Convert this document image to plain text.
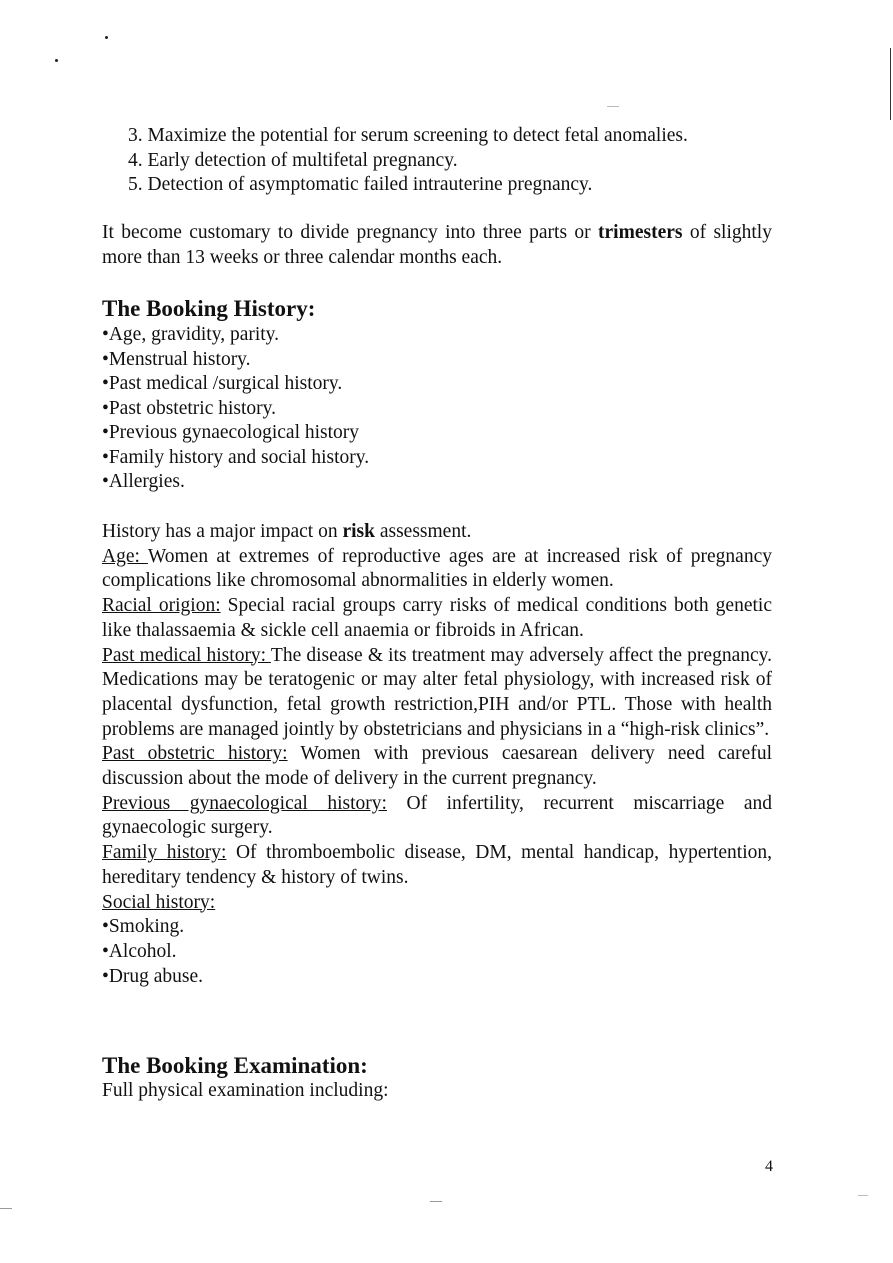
3. Maximize the potential for serum screening to detect fetal anomalies.
4. Early detection of multifetal pregnancy.
5. Detection of asymptomatic failed intrauterine pregnancy.
It become customary to divide pregnancy into three parts or trimesters of slightly more than 13 weeks or three calendar months each.
The Booking History:
•Age, gravidity, parity.
•Menstrual history.
•Past medical /surgical history.
•Past obstetric history.
•Previous gynaecological history
•Family history and social history.
•Allergies.
History has a major impact on risk assessment.
Age: Women at extremes of reproductive ages are at increased risk of pregnancy complications like chromosomal abnormalities in elderly women.
Racial origion: Special racial groups carry risks of medical conditions both genetic like thalassaemia & sickle cell anaemia or fibroids in African.
Past medical history: The disease & its treatment may adversely affect the pregnancy. Medications may be teratogenic or may alter fetal physiology, with increased risk of placental dysfunction, fetal growth restriction,PIH and/or PTL. Those with health problems are managed jointly by obstetricians and physicians in a “high-risk clinics”.
Past obstetric history: Women with previous caesarean delivery need careful discussion about the mode of delivery in the current pregnancy.
Previous gynaecological history: Of infertility, recurrent miscarriage and gynaecologic surgery.
Family history: Of thromboembolic disease, DM, mental handicap, hypertention, hereditary tendency & history of twins.
Social history:
•Smoking.
•Alcohol.
•Drug abuse.
The Booking Examination:
Full physical examination including:
4
